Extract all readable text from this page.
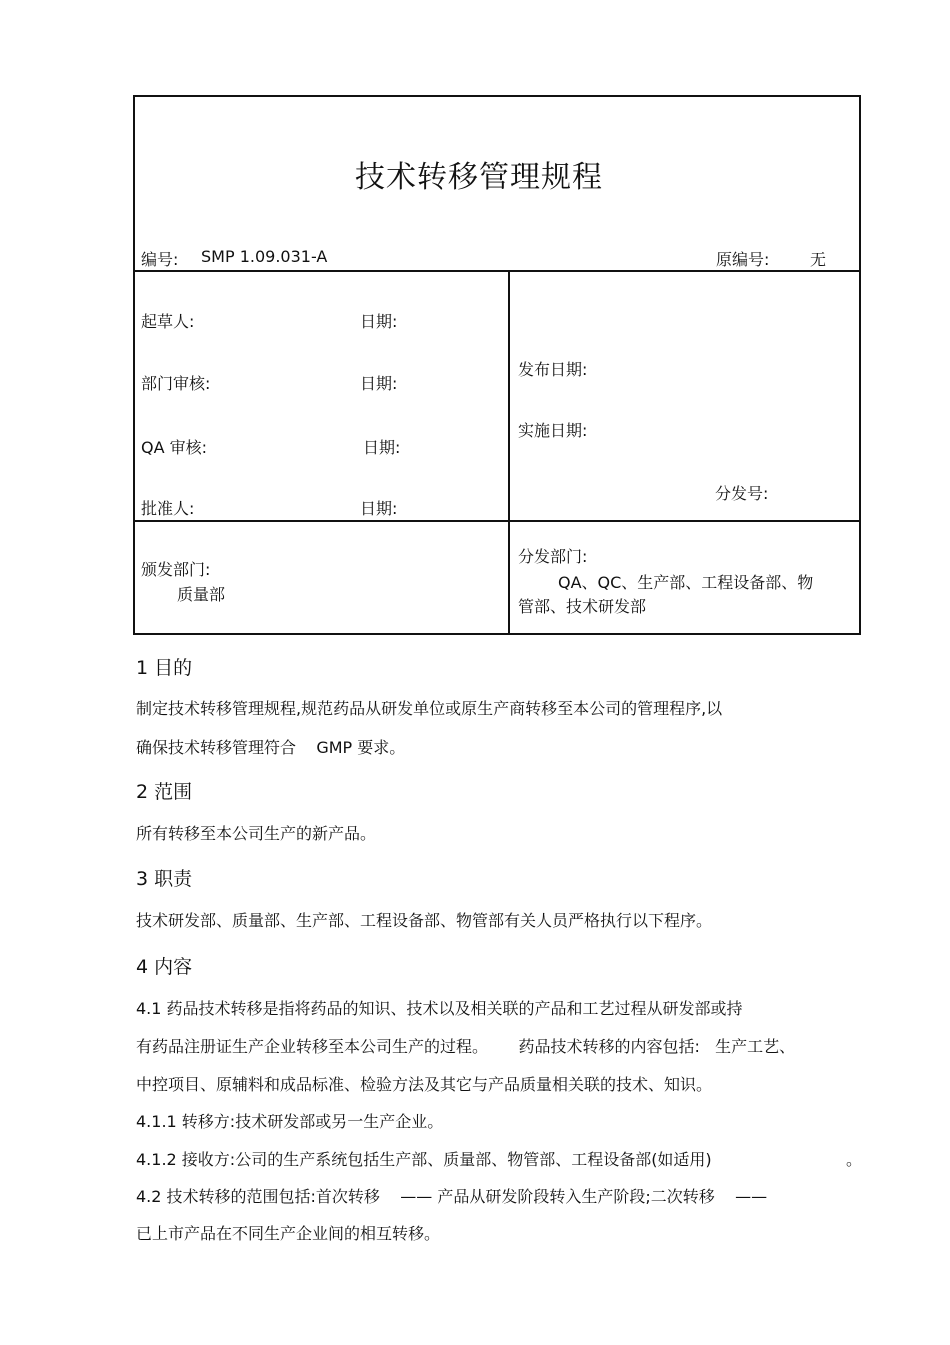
技术转移管理规程
编号: SMP 1.09.031-A	原编号:	无
起草人:	日期:
部门审核:	日期:
QA 审核:	日期:
批准人:	日期:
发布日期:
实施日期:
分发号:
颁发部门:
质量部
分发部门:
QA、QC、生产部、工程设备部、物
管部、技术研发部
1 目的
制定技术转移管理规程,规范药品从研发单位或原生产商转移至本公司的管理程序,以
确保技术转移管理符合    GMP 要求。
2 范围
所有转移至本公司生产的新产品。
3 职责
技术研发部、质量部、生产部、工程设备部、物管部有关人员严格执行以下程序。
4 内容
4.1 药品技术转移是指将药品的知识、技术以及相关联的产品和工艺过程从研发部或持
有药品注册证生产企业转移至本公司生产的过程。      药品技术转移的内容包括:   生产工艺、
中控项目、原辅料和成品标准、检验方法及其它与产品质量相关联的技术、知识。
4.1.1 转移方:技术研发部或另一生产企业。
4.1.2 接收方:公司的生产系统包括生产部、质量部、物管部、工程设备部(如适用)	。
4.2 技术转移的范围包括:首次转移    —— 产品从研发阶段转入生产阶段;二次转移    ——
已上市产品在不同生产企业间的相互转移。
